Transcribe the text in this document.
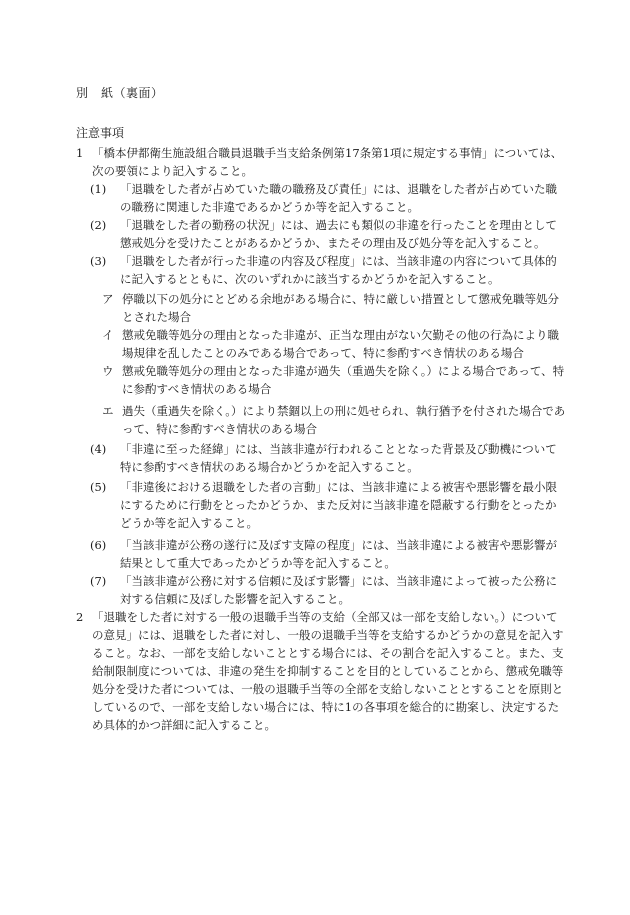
別　紙（裏面）
注意事項
1 「橋本伊都衛生施設組合職員退職手当支給条例第17条第1項に規定する事情」については、次の要領により記入すること。
(1) 「退職をした者が占めていた職の職務及び責任」には、退職をした者が占めていた職の職務に関連した非違であるかどうか等を記入すること。
(2) 「退職をした者の勤務の状況」には、過去にも類似の非違を行ったことを理由として懲戒処分を受けたことがあるかどうか、またその理由及び処分等を記入すること。
(3) 「退職をした者が行った非違の内容及び程度」には、当該非違の内容について具体的に記入するとともに、次のいずれかに該当するかどうかを記入すること。
ア 停職以下の処分にとどめる余地がある場合に、特に厳しい措置として懲戒免職等処分とされた場合
イ 懲戒免職等処分の理由となった非違が、正当な理由がない欠勤その他の行為により職場規律を乱したことのみである場合であって、特に参酌すべき情状のある場合
ウ 懲戒免職等処分の理由となった非違が過失（重過失を除く。）による場合であって、特に参酌すべき情状のある場合
エ 過失（重過失を除く。）により禁錮以上の刑に処せられ、執行猶予を付された場合であって、特に参酌すべき情状のある場合
(4) 「非違に至った経緯」には、当該非違が行われることとなった背景及び動機について特に参酌すべき情状のある場合かどうかを記入すること。
(5) 「非違後における退職をした者の言動」には、当該非違による被害や悪影響を最小限にするために行動をとったかどうか、また反対に当該非違を隠蔽する行動をとったかどうか等を記入すること。
(6) 「当該非違が公務の遂行に及ぼす支障の程度」には、当該非違による被害や悪影響が結果として重大であったかどうか等を記入すること。
(7) 「当該非違が公務に対する信頼に及ぼす影響」には、当該非違によって被った公務に対する信頼に及ぼした影響を記入すること。
2 「退職をした者に対する一般の退職手当等の支給（全部又は一部を支給しない。）についての意見」には、退職をした者に対し、一般の退職手当等を支給するかどうかの意見を記入すること。なお、一部を支給しないこととする場合には、その割合を記入すること。また、支給制限制度については、非違の発生を抑制することを目的としていることから、懲戒免職等処分を受けた者については、一般の退職手当等の全部を支給しないこととすることを原則としているので、一部を支給しない場合には、特に1の各事項を総合的に勘案し、決定するため具体的かつ詳細に記入すること。
